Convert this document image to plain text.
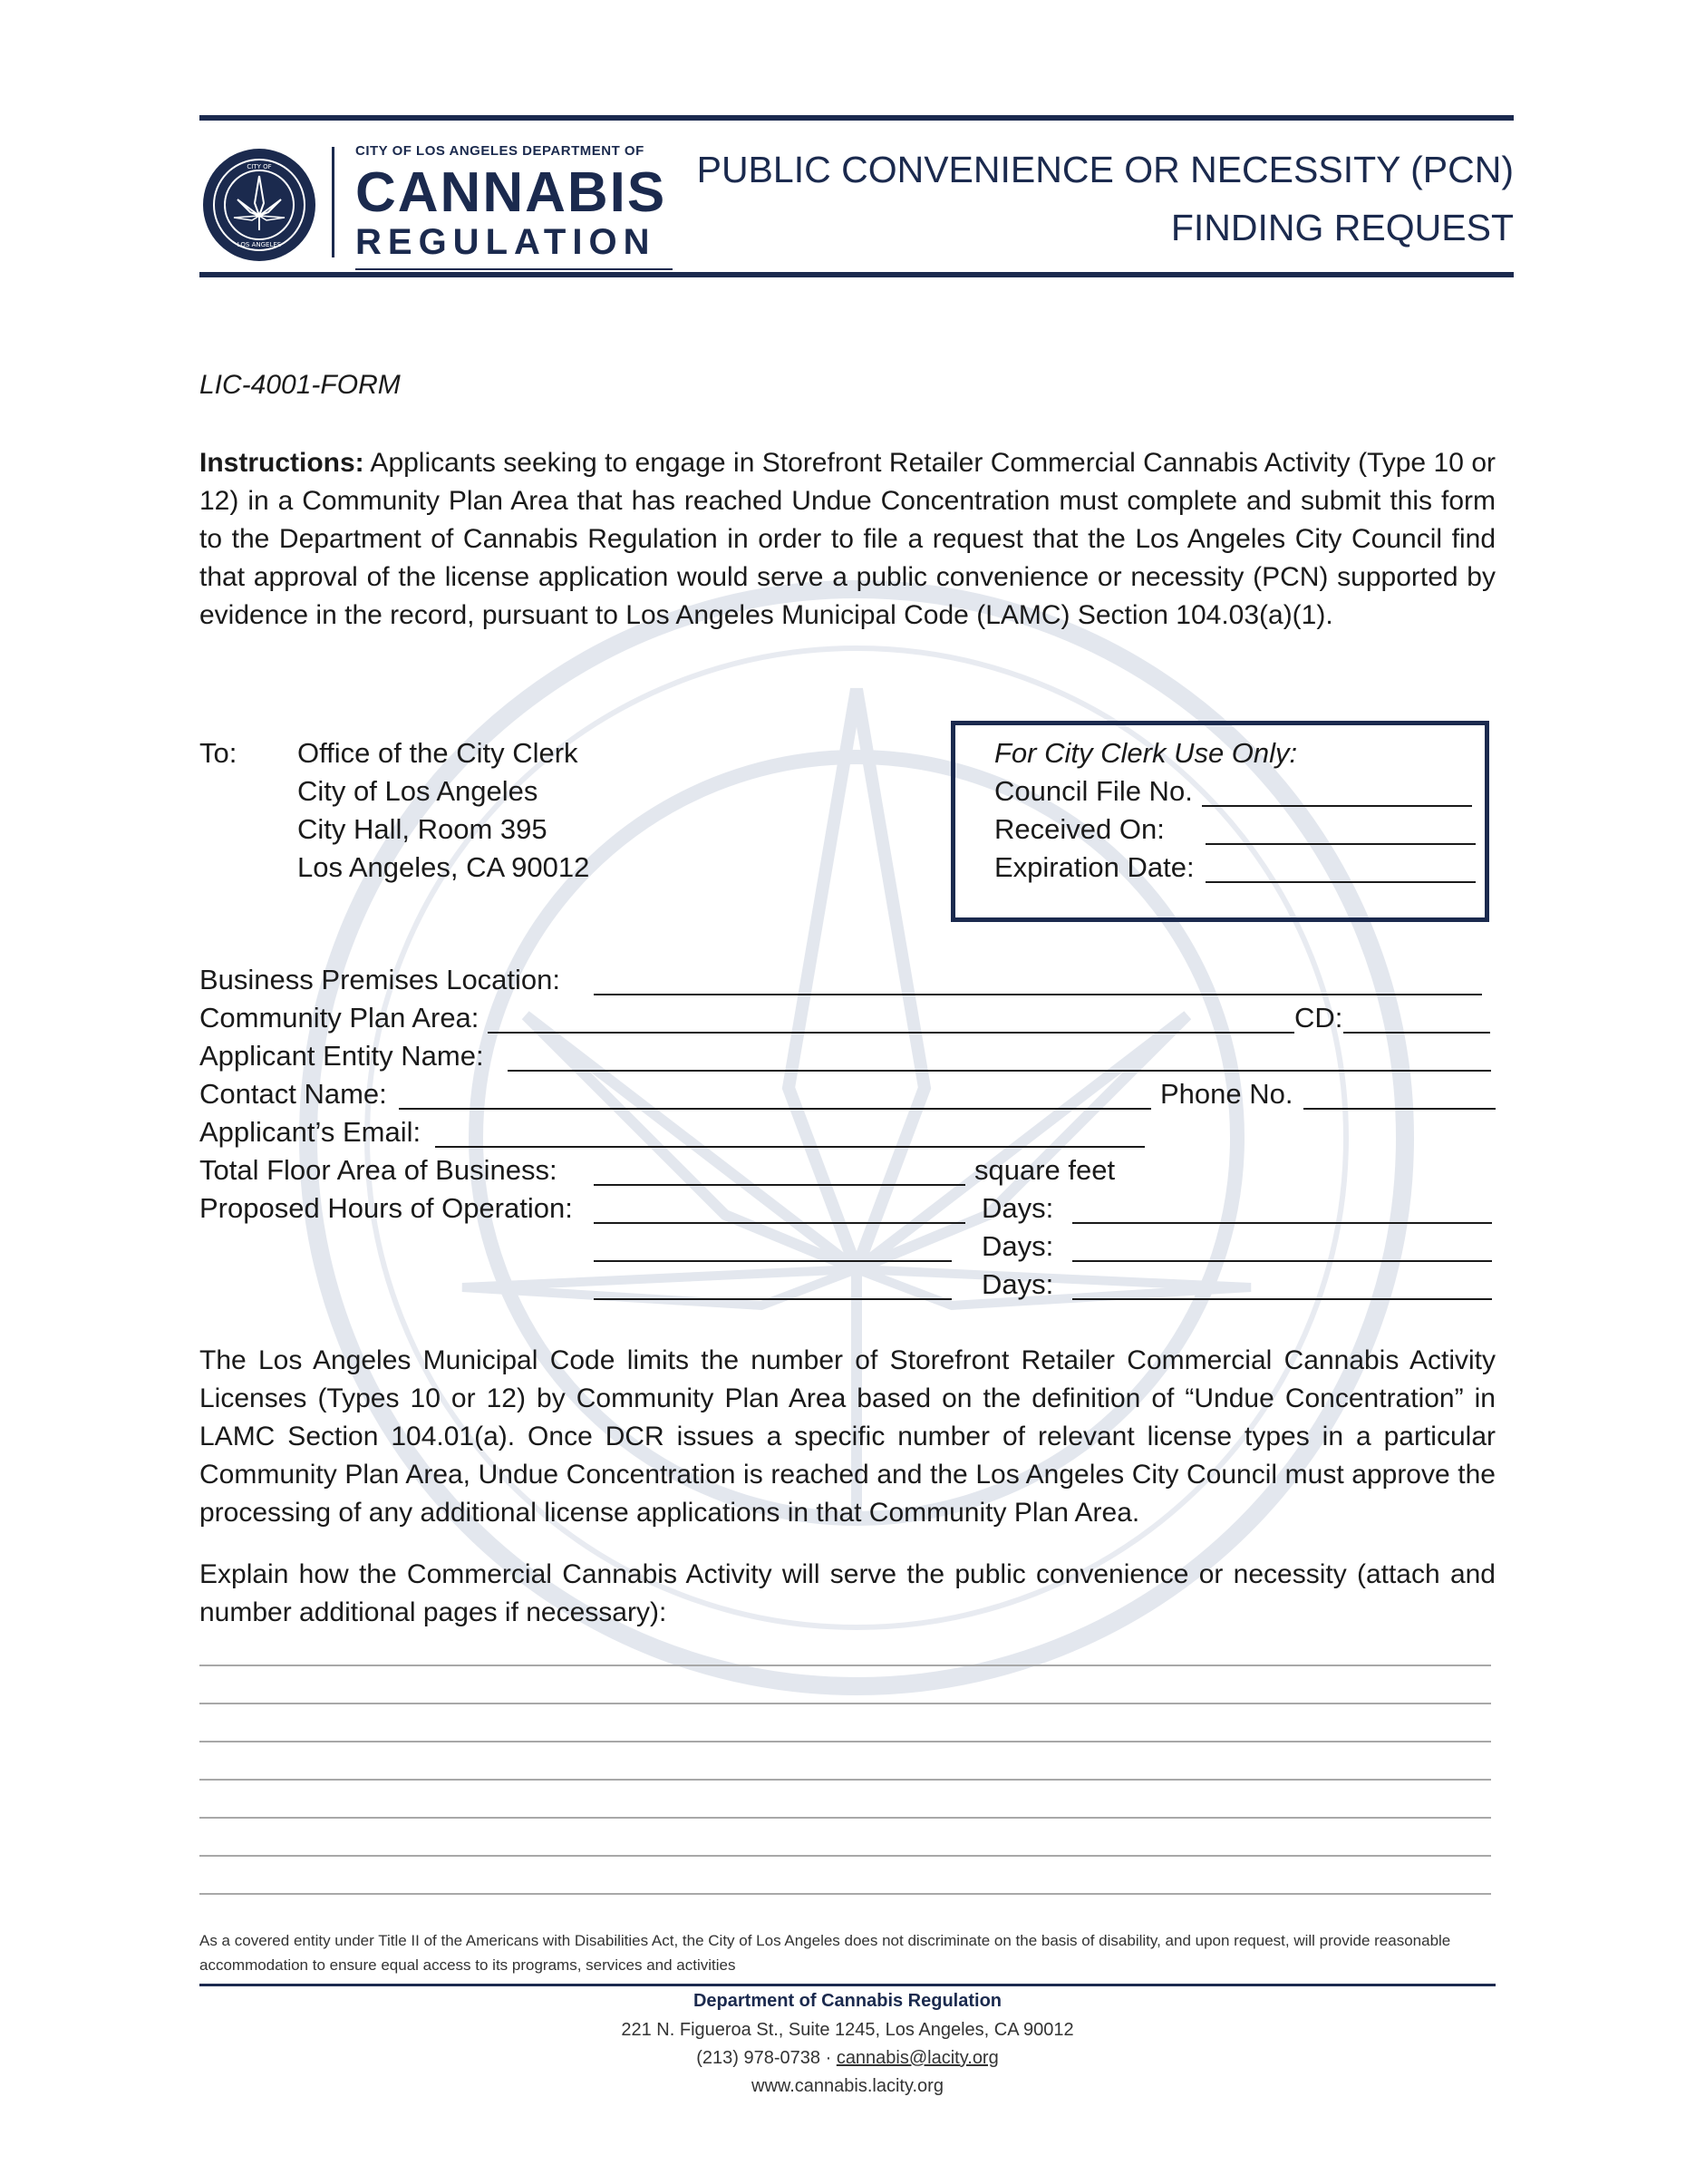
CITY OF
LOS ANGELES
CITY OF LOS ANGELES DEPARTMENT OF
CANNABIS
REGULATION
PUBLIC CONVENIENCE OR NECESSITY (PCN)
FINDING REQUEST
LIC-4001-FORM
Instructions: Applicants seeking to engage in Storefront Retailer Commercial Cannabis Activity (Type 10 or 12) in a Community Plan Area that has reached Undue Concentration must complete and submit this form to the Department of Cannabis Regulation in order to file a request that the Los Angeles City Council find that approval of the license application would serve a public convenience or necessity (PCN) supported by evidence in the record, pursuant to Los Angeles Municipal Code (LAMC) Section 104.03(a)(1).
To: Office of the City Clerk
City of Los Angeles
City Hall, Room 395
Los Angeles, CA 90012
For City Clerk Use Only:
Council File No.
Received On:
Expiration Date:
Business Premises Location:
Community Plan Area:	CD:
Applicant Entity Name:
Contact Name:	Phone No.
Applicant’s Email:
Total Floor Area of Business:	square feet
Proposed Hours of Operation:	Days:
Days:
Days:
The Los Angeles Municipal Code limits the number of Storefront Retailer Commercial Cannabis Activity Licenses (Types 10 or 12) by Community Plan Area based on the definition of “Undue Concentration” in LAMC Section 104.01(a). Once DCR issues a specific number of relevant license types in a particular Community Plan Area, Undue Concentration is reached and the Los Angeles City Council must approve the processing of any additional license applications in that Community Plan Area.
Explain how the Commercial Cannabis Activity will serve the public convenience or necessity (attach and number additional pages if necessary):
As a covered entity under Title II of the Americans with Disabilities Act, the City of Los Angeles does not discriminate on the basis of disability, and upon request, will provide reasonable accommodation to ensure equal access to its programs, services and activities
Department of Cannabis Regulation
221 N. Figueroa St., Suite 1245, Los Angeles, CA 90012
(213) 978-0738 · cannabis@lacity.org
www.cannabis.lacity.org
